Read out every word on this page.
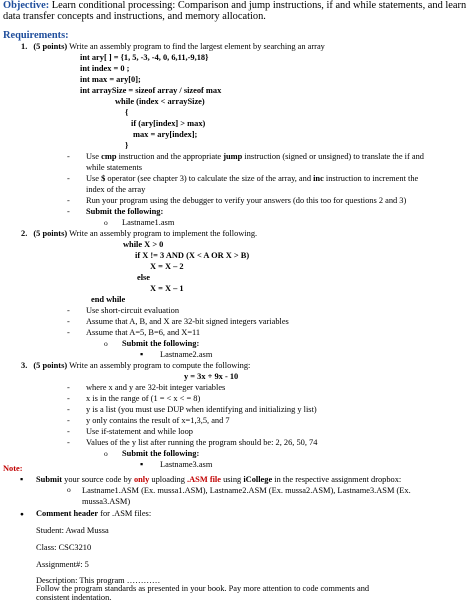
Objective: Learn conditional processing: Comparison and jump instructions, if and while statements, and learn
data transfer concepts and instructions, and memory allocation.
Requirements:
1. (5 points) Write an assembly program to find the largest element by searching an array
int ary[ ] = {1, 5, -3, -4, 0, 6,11,-9,18}
int index = 0 ;
int max = ary[0];
int arraySize = sizeof array / sizeof max
while (index < arraySize)
{
if (ary[index] > max)
max = ary[index];
}
-
Use cmp instruction and the appropriate jump instruction (signed or unsigned) to translate the if and
while statements
-
Use $ operator (see chapter 3) to calculate the size of the array, and inc instruction to increment the
index of the array
-
Run your program using the debugger to verify your answers (do this too for questions 2 and 3)
-
Submit the following:
o
Lastname1.asm
2. (5 points) Write an assembly program to implement the following.
while X > 0
if X != 3 AND (X < A OR X > B)
X = X – 2
else
X = X – 1
end while
-
Use short-circuit evaluation
-
Assume that A, B, and X are 32-bit signed integers variables
-
Assume that A=5, B=6, and X=11
o
Submit the following:
▪
Lastname2.asm
3. (5 points) Write an assembly program to compute the following:
y = 3x + 9x - 10
-
where x and y are 32-bit integer variables
-
x is in the range of (1 = < x < = 8)
-
y is a list (you must use DUP when identifying and initializing y list)
-
y only contains the result of x=1,3,5, and 7
-
Use if-statement and while loop
-
Values of the y list after running the program should be: 2, 26, 50, 74
o
Submit the following:
▪
Lastname3.asm
Note:
▪
Submit your source code by only uploading .ASM file using iCollege in the respective assignment dropbox:
o
Lastname1.ASM (Ex. mussa1.ASM), Lastname2.ASM (Ex. mussa2.ASM), Lastname3.ASM (Ex.
mussa3.ASM)
●
Comment header for .ASM files:
Student: Awad Mussa
Class: CSC3210
Assignment#: 5
Description: This program …………
Follow the program standards as presented in your book. Pay more attention to code comments and
consistent indentation.
